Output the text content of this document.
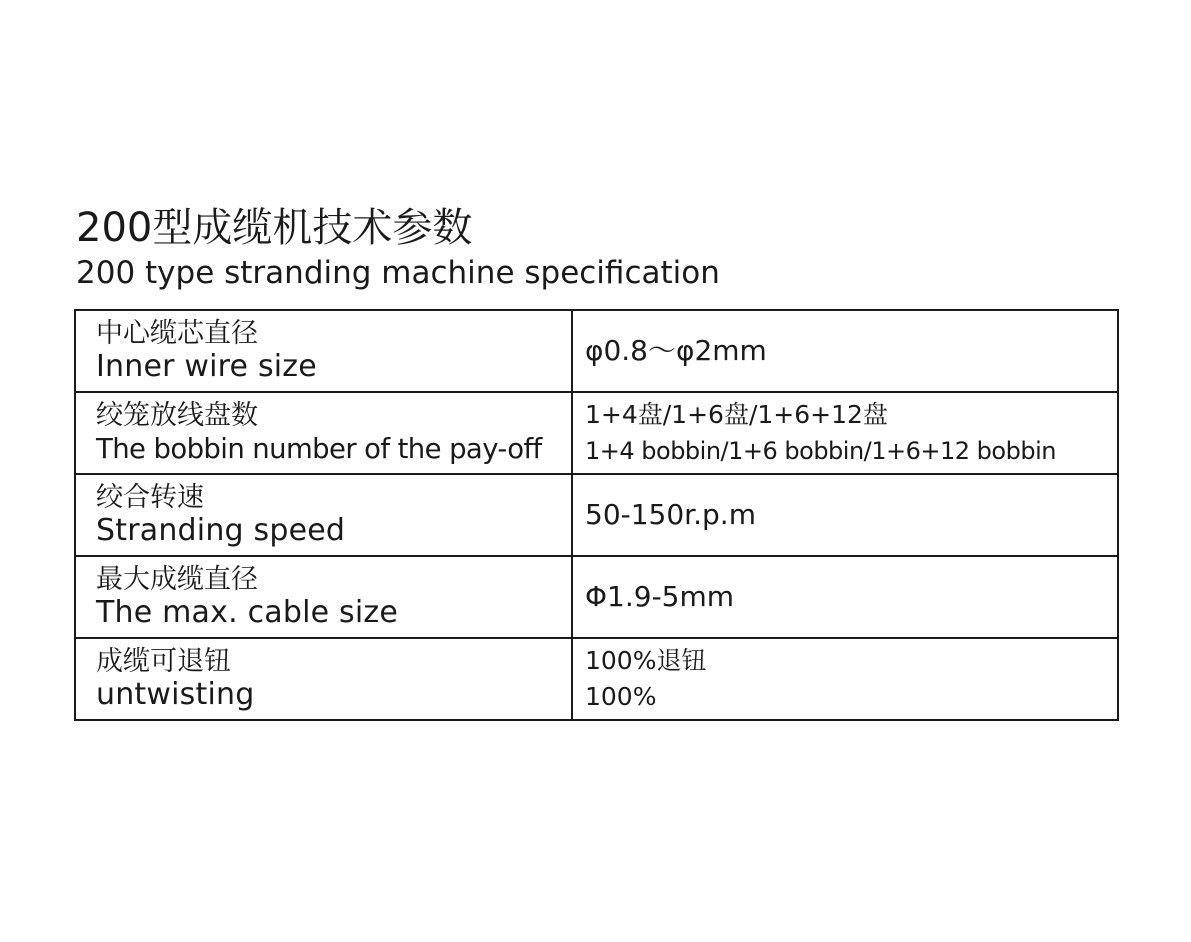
200型成缆机技术参数
200 type stranding machine specification
中心缆芯直径
Inner wire size	φ0.8～φ2mm

绞笼放线盘数
The bobbin number of the pay-off	1+4盘/1+6盘/1+6+12盘
1+4 bobbin/1+6 bobbin/1+6+12 bobbin

绞合转速
Stranding speed	50-150r.p.m

最大成缆直径
The max. cable size	Φ1.9-5mm

成缆可退钮
untwisting	100%退钮
100%
